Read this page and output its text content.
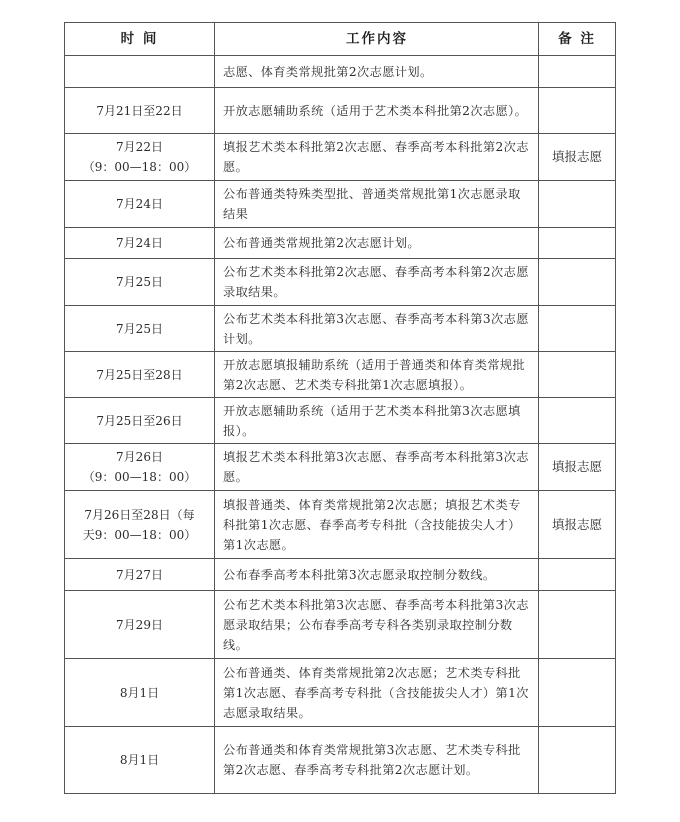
时 间	工作内容	备 注
	志愿、体育类常规批第2次志愿计划。	

7月21日至22日	开放志愿辅助系统（适用于艺术类本科批第2次志愿）。	

7月22日
（9：00—18：00）	填报艺术类本科批第2次志愿、春季高考本科批第2次志愿。	填报志愿

7月24日	公布普通类特殊类型批、普通类常规批第1次志愿录取结果	

7月24日	公布普通类常规批第2次志愿计划。	

7月25日	公布艺术类本科批第2次志愿、春季高考本科第2次志愿录取结果。	

7月25日	公布艺术类本科批第3次志愿、春季高考本科第3次志愿计划。	

7月25日至28日	开放志愿填报辅助系统（适用于普通类和体育类常规批第2次志愿、艺术类专科批第1次志愿填报）。	

7月25日至26日	开放志愿辅助系统（适用于艺术类本科批第3次志愿填报）。	

7月26日
（9：00—18：00）	填报艺术类本科批第3次志愿、春季高考本科批第3次志愿。	填报志愿

7月26日至28日（每
天9：00—18：00）	填报普通类、体育类常规批第2次志愿；填报艺术类专科批第1次志愿、春季高考专科批（含技能拔尖人才）第1次志愿。	填报志愿

7月27日	公布春季高考本科批第3次志愿录取控制分数线。	

7月29日	公布艺术类本科批第3次志愿、春季高考本科批第3次志愿录取结果；公布春季高考专科各类别录取控制分数线。	

8月1日	公布普通类、体育类常规批第2次志愿；艺术类专科批第1次志愿、春季高考专科批（含技能拔尖人才）第1次志愿录取结果。	

8月1日	公布普通类和体育类常规批第3次志愿、艺术类专科批第2次志愿、春季高考专科批第2次志愿计划。	
